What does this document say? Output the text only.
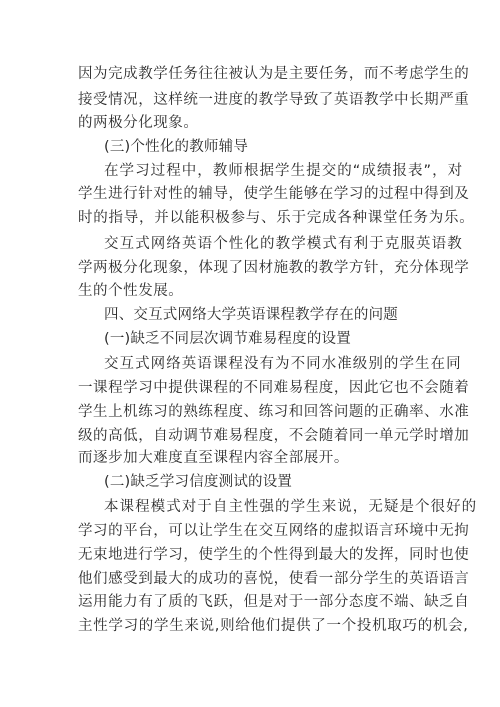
因为完成教学任务往往被认为是主要任务，而不考虑学生的
接受情况，这样统一进度的教学导致了英语教学中长期严重
的两极分化现象。
(三)个性化的教师辅导
在学习过程中，教师根据学生提交的“成绩报表”，对
学生进行针对性的辅导，使学生能够在学习的过程中得到及
时的指导，并以能积极参与、乐于完成各种课堂任务为乐。
交互式网络英语个性化的教学模式有利于克服英语教
学两极分化现象，体现了因材施教的教学方针，充分体现学
生的个性发展。
四、交互式网络大学英语课程教学存在的问题
(一)缺乏不同层次调节难易程度的设置
交互式网络英语课程没有为不同水准级别的学生在同
一课程学习中提供课程的不同难易程度，因此它也不会随着
学生上机练习的熟练程度、练习和回答问题的正确率、水准
级的高低，自动调节难易程度，不会随着同一单元学时增加
而逐步加大难度直至课程内容全部展开。
(二)缺乏学习信度测试的设置
本课程模式对于自主性强的学生来说，无疑是个很好的
学习的平台，可以让学生在交互网络的虚拟语言环境中无拘
无束地进行学习，使学生的个性得到最大的发挥，同时也使
他们感受到最大的成功的喜悦，使看一部分学生的英语语言
运用能力有了质的飞跃，但是对于一部分态度不端、缺乏自
主性学习的学生来说,则给他们提供了一个投机取巧的机会,
